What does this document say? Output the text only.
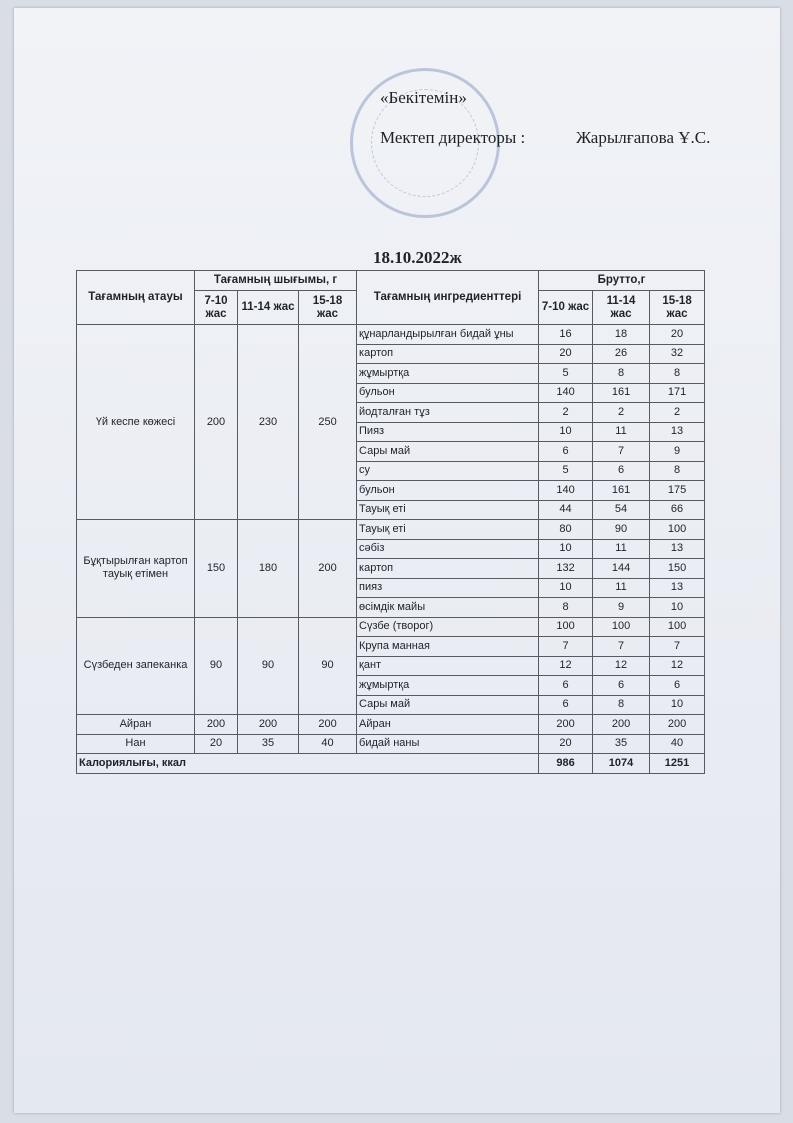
«Бекітемін»
Мектеп директоры :	Жарылғапова Ұ.С.
18.10.2022ж
Тағамның атауы	Тағамның шығымы, г			Тағамның ингредиенттері	Брутто,г		
	7-10 жас	11-14 жас	15-18 жас		7-10 жас	11-14 жас	15-18 жас
Үй кеспе көжесі	200	230	250	құнарландырылған бидай ұны	16	18	20
				картоп	20	26	32
				жұмыртқа	5	8	8
				бульон	140	161	171
				йодталған тұз	2	2	2
				Пияз	10	11	13
				Сары май	6	7	9
				су	5	6	8
				бульон	140	161	175
				Тауық еті	44	54	66
Бұқтырылған картоп тауық етімен	150	180	200	Тауық еті	80	90	100
				сәбіз	10	11	13
				картоп	132	144	150
				пияз	10	11	13
				өсімдік майы	8	9	10
Сүзбеден запеканка	90	90	90	Сүзбе (творог)	100	100	100
				Крупа манная	7	7	7
				қант	12	12	12
				жұмыртқа	6	6	6
				Сары май	6	8	10
Айран	200	200	200	Айран	200	200	200
Нан	20	35	40	бидай наны	20	35	40
Калориялығы, ккал					986	1074	1251
